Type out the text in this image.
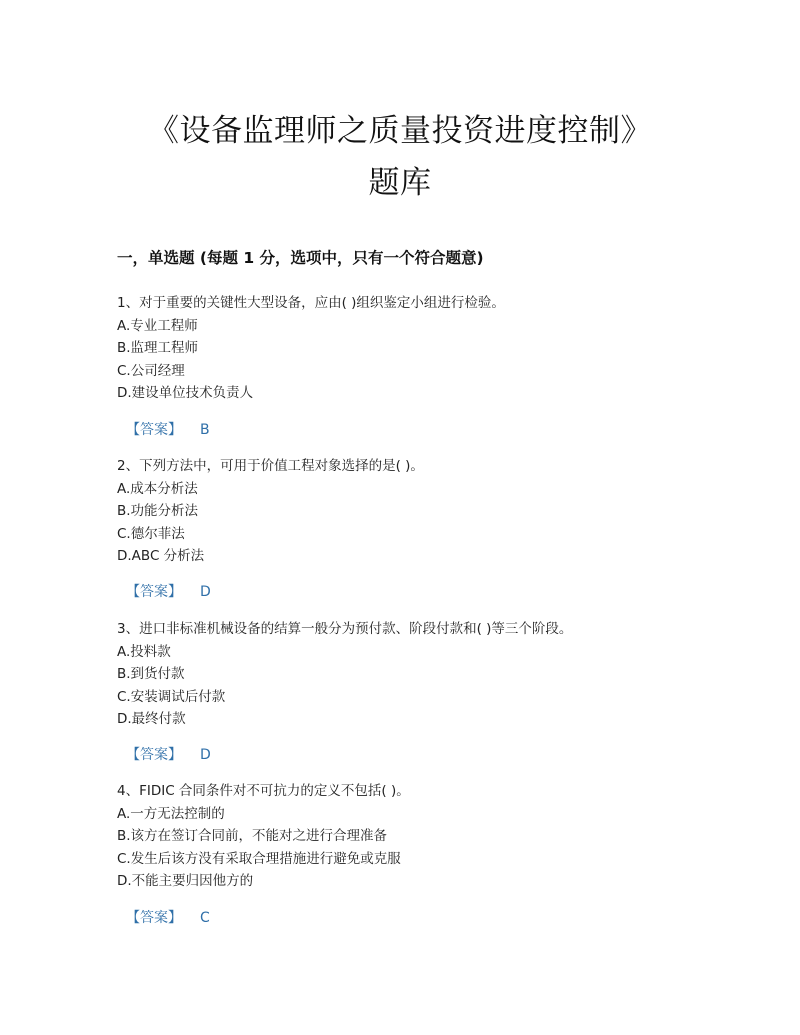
《设备监理师之质量投资进度控制》
题库
一，单选题 (每题 1 分，选项中，只有一个符合题意)
1、对于重要的关键性大型设备，应由( )组织鉴定小组进行检验。
A.专业工程师
B.监理工程师
C.公司经理
D.建设单位技术负责人
【答案】 B
2、下列方法中，可用于价值工程对象选择的是( )。
A.成本分析法
B.功能分析法
C.德尔菲法
D.ABC 分析法
【答案】 D
3、进口非标准机械设备的结算一般分为预付款、阶段付款和( )等三个阶段。
A.投料款
B.到货付款
C.安装调试后付款
D.最终付款
【答案】 D
4、FIDIC 合同条件对不可抗力的定义不包括( )。
A.一方无法控制的
B.该方在签订合同前，不能对之进行合理准备
C.发生后该方没有采取合理措施进行避免或克服
D.不能主要归因他方的
【答案】 C
